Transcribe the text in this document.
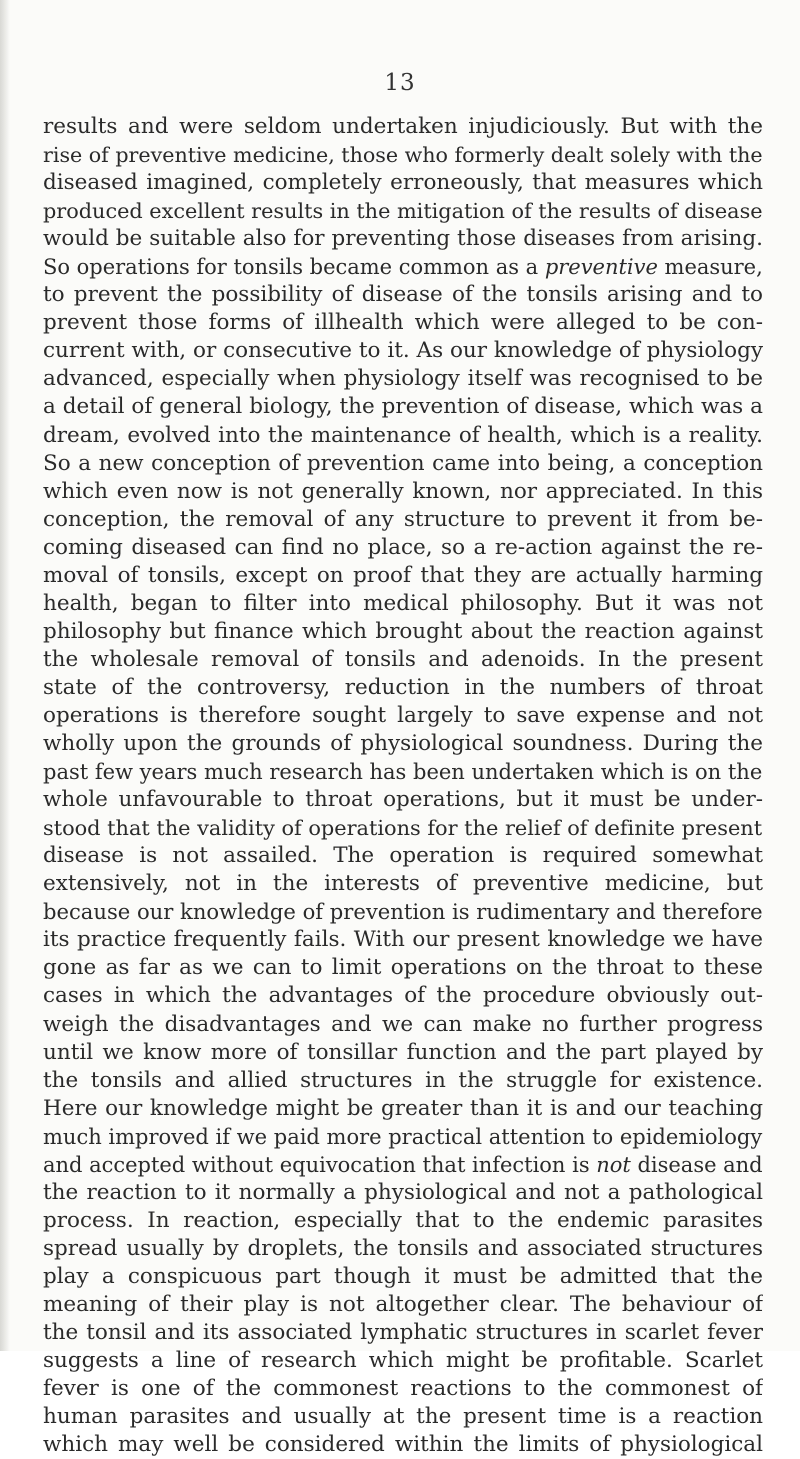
13
results and were seldom undertaken injudiciously. But with the
rise of preventive medicine, those who formerly dealt solely with the
diseased imagined, completely erroneously, that measures which
produced excellent results in the mitigation of the results of disease
would be suitable also for preventing those diseases from arising.
So operations for tonsils became common as a preventive measure,
to prevent the possibility of disease of the tonsils arising and to
prevent those forms of illhealth which were alleged to be con-
current with, or consecutive to it. As our knowledge of physiology
advanced, especially when physiology itself was recognised to be
a detail of general biology, the prevention of disease, which was a
dream, evolved into the maintenance of health, which is a reality.
So a new conception of prevention came into being, a conception
which even now is not generally known, nor appreciated. In this
conception, the removal of any structure to prevent it from be-
coming diseased can find no place, so a re-action against the re-
moval of tonsils, except on proof that they are actually harming
health, began to filter into medical philosophy. But it was not
philosophy but finance which brought about the reaction against
the wholesale removal of tonsils and adenoids. In the present
state of the controversy, reduction in the numbers of throat
operations is therefore sought largely to save expense and not
wholly upon the grounds of physiological soundness. During the
past few years much research has been undertaken which is on the
whole unfavourable to throat operations, but it must be under-
stood that the validity of operations for the relief of definite present
disease is not assailed. The operation is required somewhat
extensively, not in the interests of preventive medicine, but
because our knowledge of prevention is rudimentary and therefore
its practice frequently fails. With our present knowledge we have
gone as far as we can to limit operations on the throat to these
cases in which the advantages of the procedure obviously out-
weigh the disadvantages and we can make no further progress
until we know more of tonsillar function and the part played by
the tonsils and allied structures in the struggle for existence.
Here our knowledge might be greater than it is and our teaching
much improved if we paid more practical attention to epidemiology
and accepted without equivocation that infection is not disease and
the reaction to it normally a physiological and not a pathological
process. In reaction, especially that to the endemic parasites
spread usually by droplets, the tonsils and associated structures
play a conspicuous part though it must be admitted that the
meaning of their play is not altogether clear. The behaviour of
the tonsil and its associated lymphatic structures in scarlet fever
suggests a line of research which might be profitable. Scarlet
fever is one of the commonest reactions to the commonest of
human parasites and usually at the present time is a reaction
which may well be considered within the limits of physiological
